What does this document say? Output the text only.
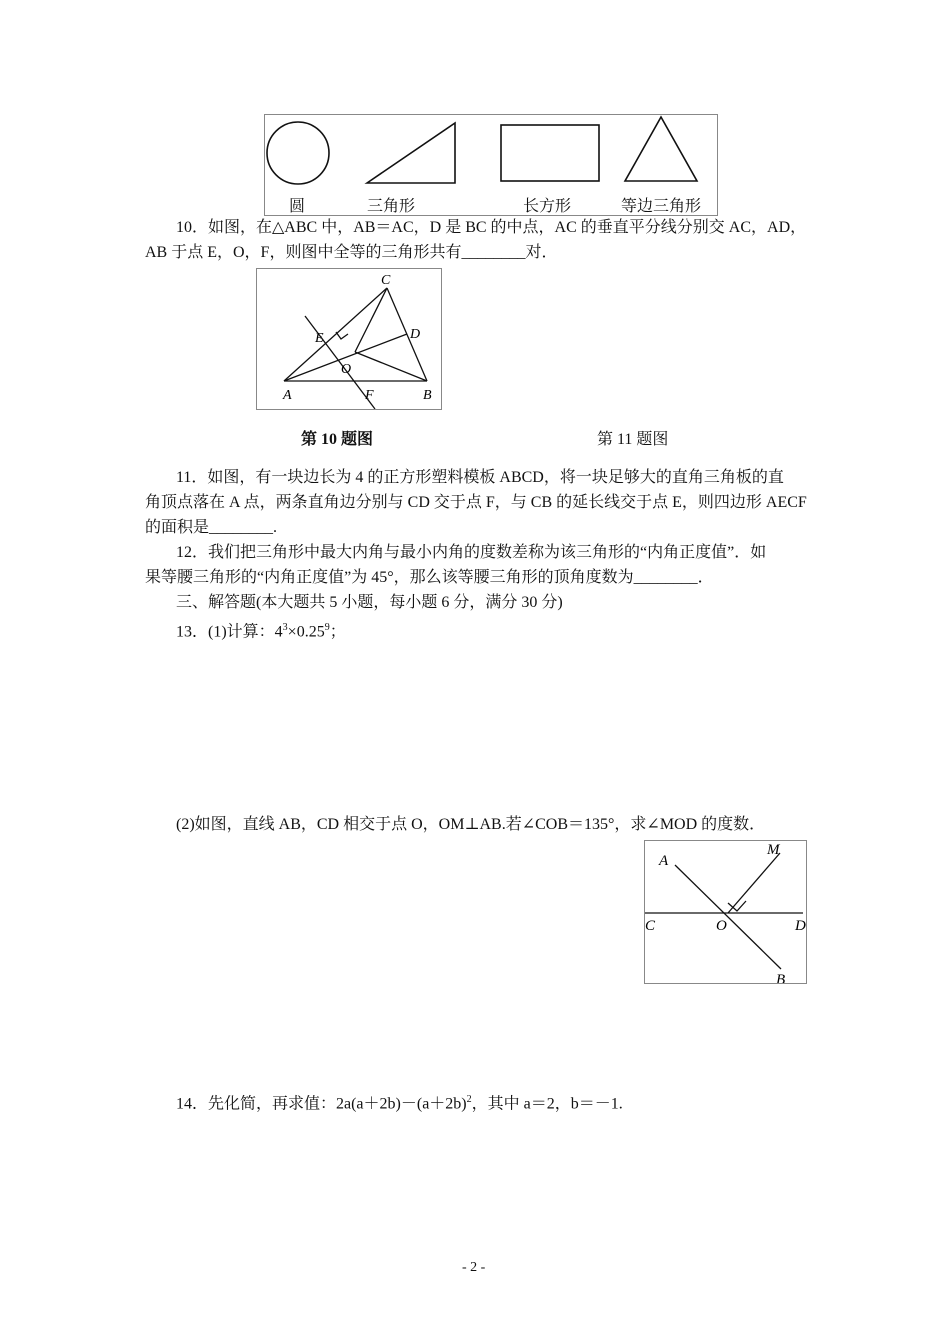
圆	三角形	长方形	等边三角形
10．如图，在△ABC 中，AB＝AC，D 是 BC 的中点，AC 的垂直平分线分别交 AC，AD，
AB 于点 E，O，F，则图中全等的三角形共有________对．
A	B
C
D
E
F
O
第 10 题图	第 11 题图
11．如图，有一块边长为 4 的正方形塑料模板 ABCD，将一块足够大的直角三角板的直
角顶点落在 A 点，两条直角边分别与 CD 交于点 F，与 CB 的延长线交于点 E，则四边形 AECF
的面积是________.
12．我们把三角形中最大内角与最小内角的度数差称为该三角形的“内角正度值”．如
果等腰三角形的“内角正度值”为 45°，那么该等腰三角形的顶角度数为________．
三、解答题(本大题共 5 小题，每小题 6 分，满分 30 分)
13．(1)计算：$4^3\times 0.25^9$；
(2)如图，直线 AB，CD 相交于点 O，OM⊥AB.若∠COB＝135°，求∠MOD 的度数．
A
M
C	O	D
B
14．先化简，再求值：$2a(a+2b)-(a+2b)^2$，其中 a＝2，b＝－1.
- 2 -
